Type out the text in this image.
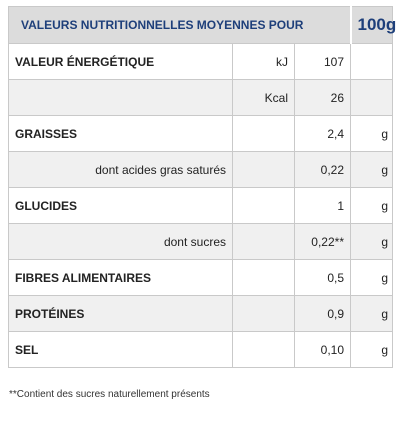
VALEURS NUTRITIONNELLES MOYENNES POUR			100g
VALEUR ÉNERGÉTIQUE	kJ	107	
	Kcal	26	
GRAISSES		2,4	g
dont acides gras saturés		0,22	g
GLUCIDES		1	g
dont sucres		0,22**	g
FIBRES ALIMENTAIRES		0,5	g
PROTÉINES		0,9	g
SEL		0,10	g
**Contient des sucres naturellement présents
